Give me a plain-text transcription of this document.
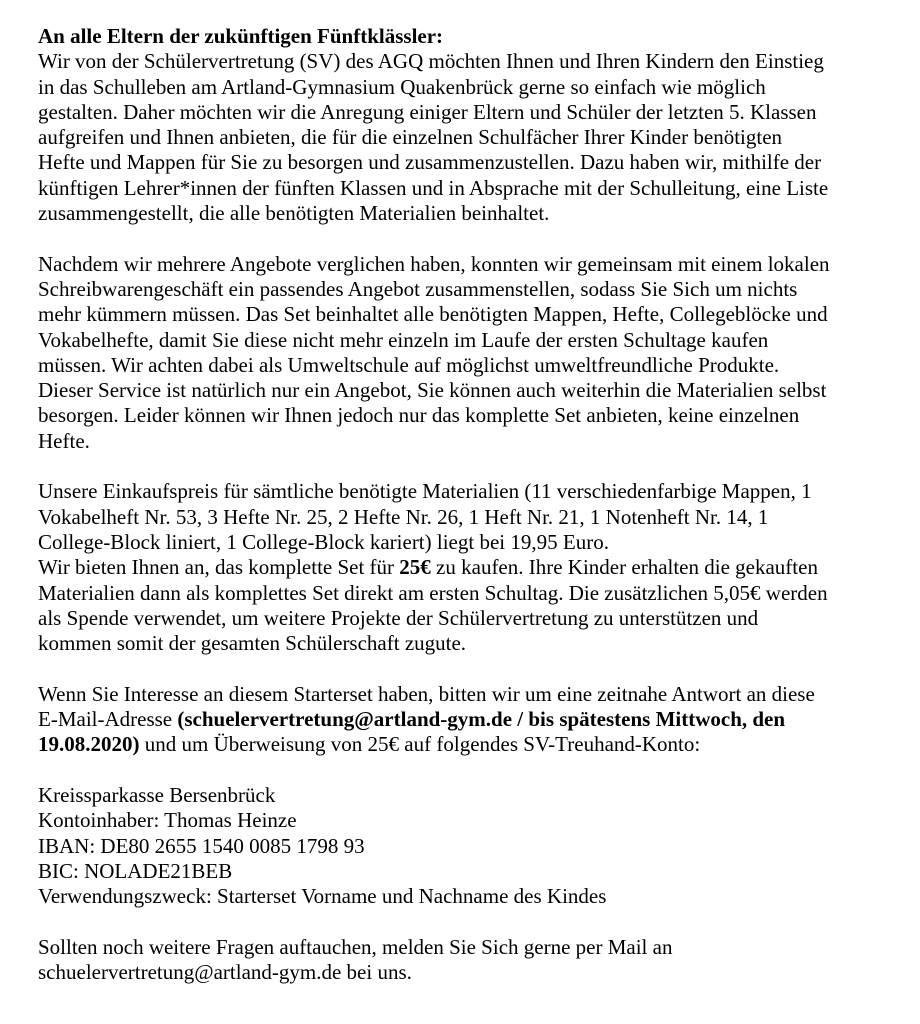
An alle Eltern der zukünftigen Fünftklässler:
Wir von der Schülervertretung (SV) des AGQ möchten Ihnen und Ihren Kindern den Einstieg
in das Schulleben am Artland-Gymnasium Quakenbrück gerne so einfach wie möglich
gestalten. Daher möchten wir die Anregung einiger Eltern und Schüler der letzten 5. Klassen
aufgreifen und Ihnen anbieten, die für die einzelnen Schulfächer Ihrer Kinder benötigten
Hefte und Mappen für Sie zu besorgen und zusammenzustellen. Dazu haben wir, mithilfe der
künftigen Lehrer*innen der fünften Klassen und in Absprache mit der Schulleitung, eine Liste
zusammengestellt, die alle benötigten Materialien beinhaltet.
Nachdem wir mehrere Angebote verglichen haben, konnten wir gemeinsam mit einem lokalen
Schreibwarengeschäft ein passendes Angebot zusammenstellen, sodass Sie Sich um nichts
mehr kümmern müssen. Das Set beinhaltet alle benötigten Mappen, Hefte, Collegeblöcke und
Vokabelhefte, damit Sie diese nicht mehr einzeln im Laufe der ersten Schultage kaufen
müssen. Wir achten dabei als Umweltschule auf möglichst umweltfreundliche Produkte.
Dieser Service ist natürlich nur ein Angebot, Sie können auch weiterhin die Materialien selbst
besorgen. Leider können wir Ihnen jedoch nur das komplette Set anbieten, keine einzelnen
Hefte.
Unsere Einkaufspreis für sämtliche benötigte Materialien (11 verschiedenfarbige Mappen, 1
Vokabelheft Nr. 53, 3 Hefte Nr. 25, 2 Hefte Nr. 26, 1 Heft Nr. 21, 1 Notenheft Nr. 14, 1
College-Block liniert, 1 College-Block kariert) liegt bei 19,95 Euro.
Wir bieten Ihnen an, das komplette Set für 25€ zu kaufen. Ihre Kinder erhalten die gekauften
Materialien dann als komplettes Set direkt am ersten Schultag. Die zusätzlichen 5,05€ werden
als Spende verwendet, um weitere Projekte der Schülervertretung zu unterstützen und
kommen somit der gesamten Schülerschaft zugute.
Wenn Sie Interesse an diesem Starterset haben, bitten wir um eine zeitnahe Antwort an diese
E-Mail-Adresse (schuelervertretung@artland-gym.de / bis spätestens Mittwoch, den
19.08.2020) und um Überweisung von 25€ auf folgendes SV-Treuhand-Konto:
Kreissparkasse Bersenbrück
Kontoinhaber: Thomas Heinze
IBAN: DE80 2655 1540 0085 1798 93
BIC: NOLADE21BEB
Verwendungszweck: Starterset Vorname und Nachname des Kindes
Sollten noch weitere Fragen auftauchen, melden Sie Sich gerne per Mail an
schuelervertretung@artland-gym.de bei uns.
